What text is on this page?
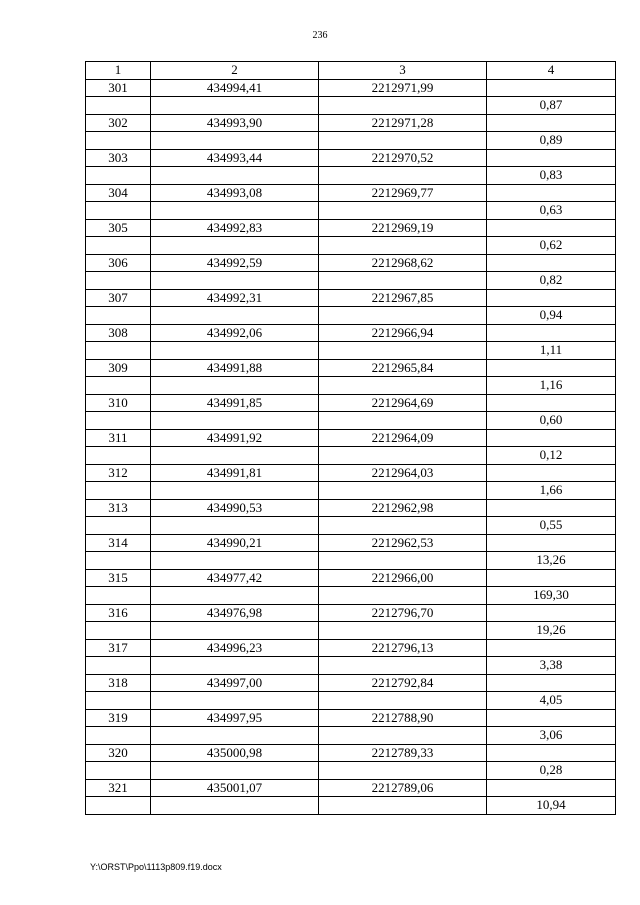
236
1	2	3	4
301	434994,41	2212971,99	
			0,87
302	434993,90	2212971,28	
			0,89
303	434993,44	2212970,52	
			0,83
304	434993,08	2212969,77	
			0,63
305	434992,83	2212969,19	
			0,62
306	434992,59	2212968,62	
			0,82
307	434992,31	2212967,85	
			0,94
308	434992,06	2212966,94	
			1,11
309	434991,88	2212965,84	
			1,16
310	434991,85	2212964,69	
			0,60
311	434991,92	2212964,09	
			0,12
312	434991,81	2212964,03	
			1,66
313	434990,53	2212962,98	
			0,55
314	434990,21	2212962,53	
			13,26
315	434977,42	2212966,00	
			169,30
316	434976,98	2212796,70	
			19,26
317	434996,23	2212796,13	
			3,38
318	434997,00	2212792,84	
			4,05
319	434997,95	2212788,90	
			3,06
320	435000,98	2212789,33	
			0,28
321	435001,07	2212789,06	
			10,94
Y:\ORST\Ppo\1113p809.f19.docx
